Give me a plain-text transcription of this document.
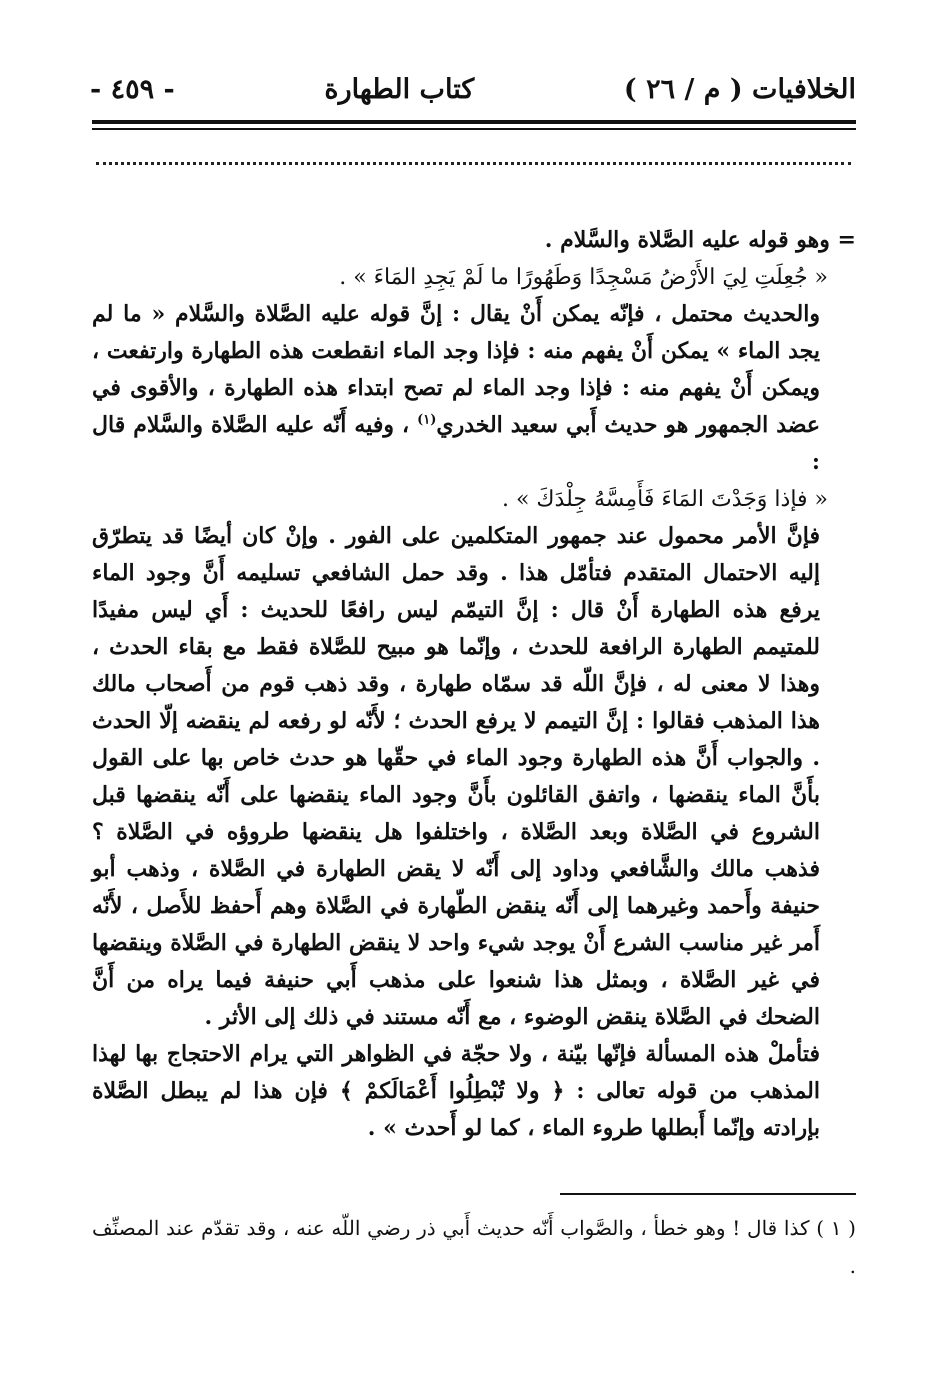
الخلافيات ( م / ٢٦ )
كتاب الطهارة
- ٤٥٩ -

= وهو قوله عليه الصَّلاة والسَّلام .

« جُعِلَتِ لِيَ الأَرْضُ مَسْجِدًا وَطَهُورًا ما لَمْ يَجِدِ المَاءَ » .

والحديث محتمل ، فإنّه يمكن أَنْ يقال : إنَّ قوله عليه الصَّلاة والسَّلام « ما لم يجد الماء » يمكن أَنْ يفهم منه : فإذا وجد الماء انقطعت هذه الطهارة وارتفعت ، ويمكن أَنْ يفهم منه : فإذا وجد الماء لم تصح ابتداء هذه الطهارة ، والأقوى في عضد الجمهور هو حديث أَبي سعيد الخدري$^{(١)}$ ، وفيه أَنّه عليه الصَّلاة والسَّلام قال :

« فإذا وَجَدْتَ المَاءَ فَأَمِسَّهُ جِلْدَكَ » .

فإنَّ الأمر محمول عند جمهور المتكلمين على الفور . وإنْ كان أيضًا قد يتطرّق إليه الاحتمال المتقدم فتأمّل هذا . وقد حمل الشافعي تسليمه أَنَّ وجود الماء يرفع هذه الطهارة أَنْ قال : إنَّ التيمّم ليس رافعًا للحديث : أَي ليس مفيدًا للمتيمم الطهارة الرافعة للحدث ، وإنّما هو مبيح للصَّلاة فقط مع بقاء الحدث ، وهذا لا معنى له ، فإنَّ اللّه قد سمّاه طهارة ، وقد ذهب قوم من أَصحاب مالك هذا المذهب فقالوا : إنَّ التيمم لا يرفع الحدث ؛ لأَنّه لو رفعه لم ينقضه إلّا الحدث . والجواب أَنَّ هذه الطهارة وجود الماء في حقّها هو حدث خاص بها على القول بأَنَّ الماء ينقضها ، واتفق القائلون بأَنَّ وجود الماء ينقضها على أَنّه ينقضها قبل الشروع في الصَّلاة وبعد الصَّلاة ، واختلفوا هل ينقضها طروؤه في الصَّلاة ؟ فذهب مالك والشَّافعي وداود إلى أَنّه لا يقض الطهارة في الصَّلاة ، وذهب أبو حنيفة وأَحمد وغيرهما إلى أَنّه ينقض الطّهارة في الصَّلاة وهم أَحفظ للأَصل ، لأَنّه أَمر غير مناسب الشرع أَنْ يوجد شيء واحد لا ينقض الطهارة في الصَّلاة وينقضها في غير الصَّلاة ، وبمثل هذا شنعوا على مذهب أَبي حنيفة فيما يراه من أَنَّ الضحك في الصَّلاة ينقض الوضوء ، مع أَنّه مستند في ذلك إلى الأثر .

فتأملْ هذه المسألة فإنّها بيّنة ، ولا حجّة في الظواهر التي يرام الاحتجاج بها لهذا المذهب من قوله تعالى : ﴿ ولا تُبْطِلُوا أَعْمَالَكمْ ﴾ فإن هذا لم يبطل الصَّلاة بإرادته وإنّما أَبطلها طروء الماء ، كما لو أَحدث » .

( ١ ) كذا قال ! وهو خطأ ، والصَّواب أَنّه حديث أَبي ذر رضي اللّه عنه ، وقد تقدّم عند المصنِّف .
